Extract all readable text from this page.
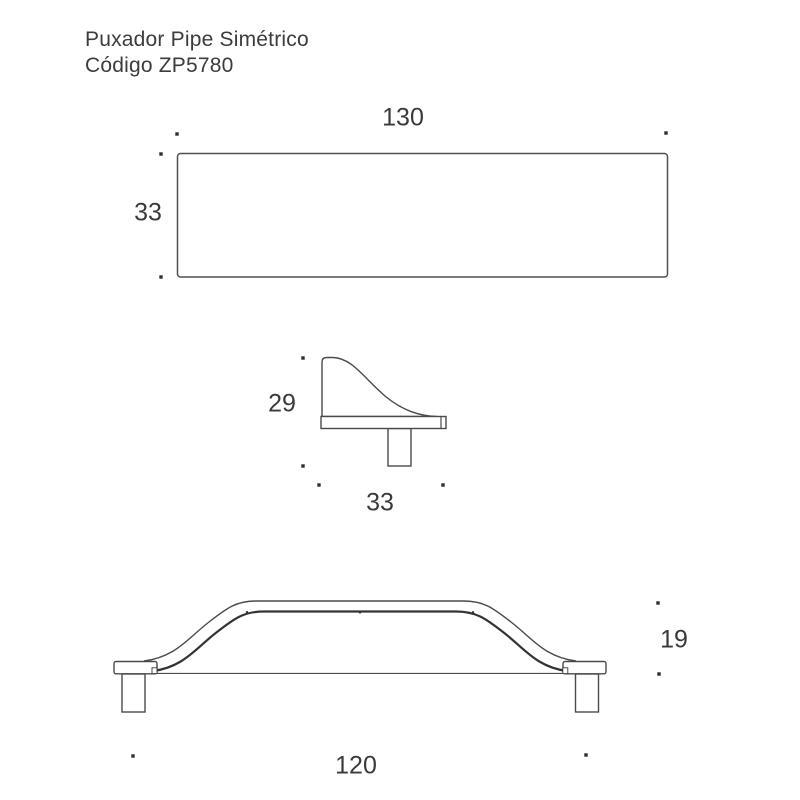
Puxador Pipe Simétrico
Código ZP5780
130
33
29
33
19
120
